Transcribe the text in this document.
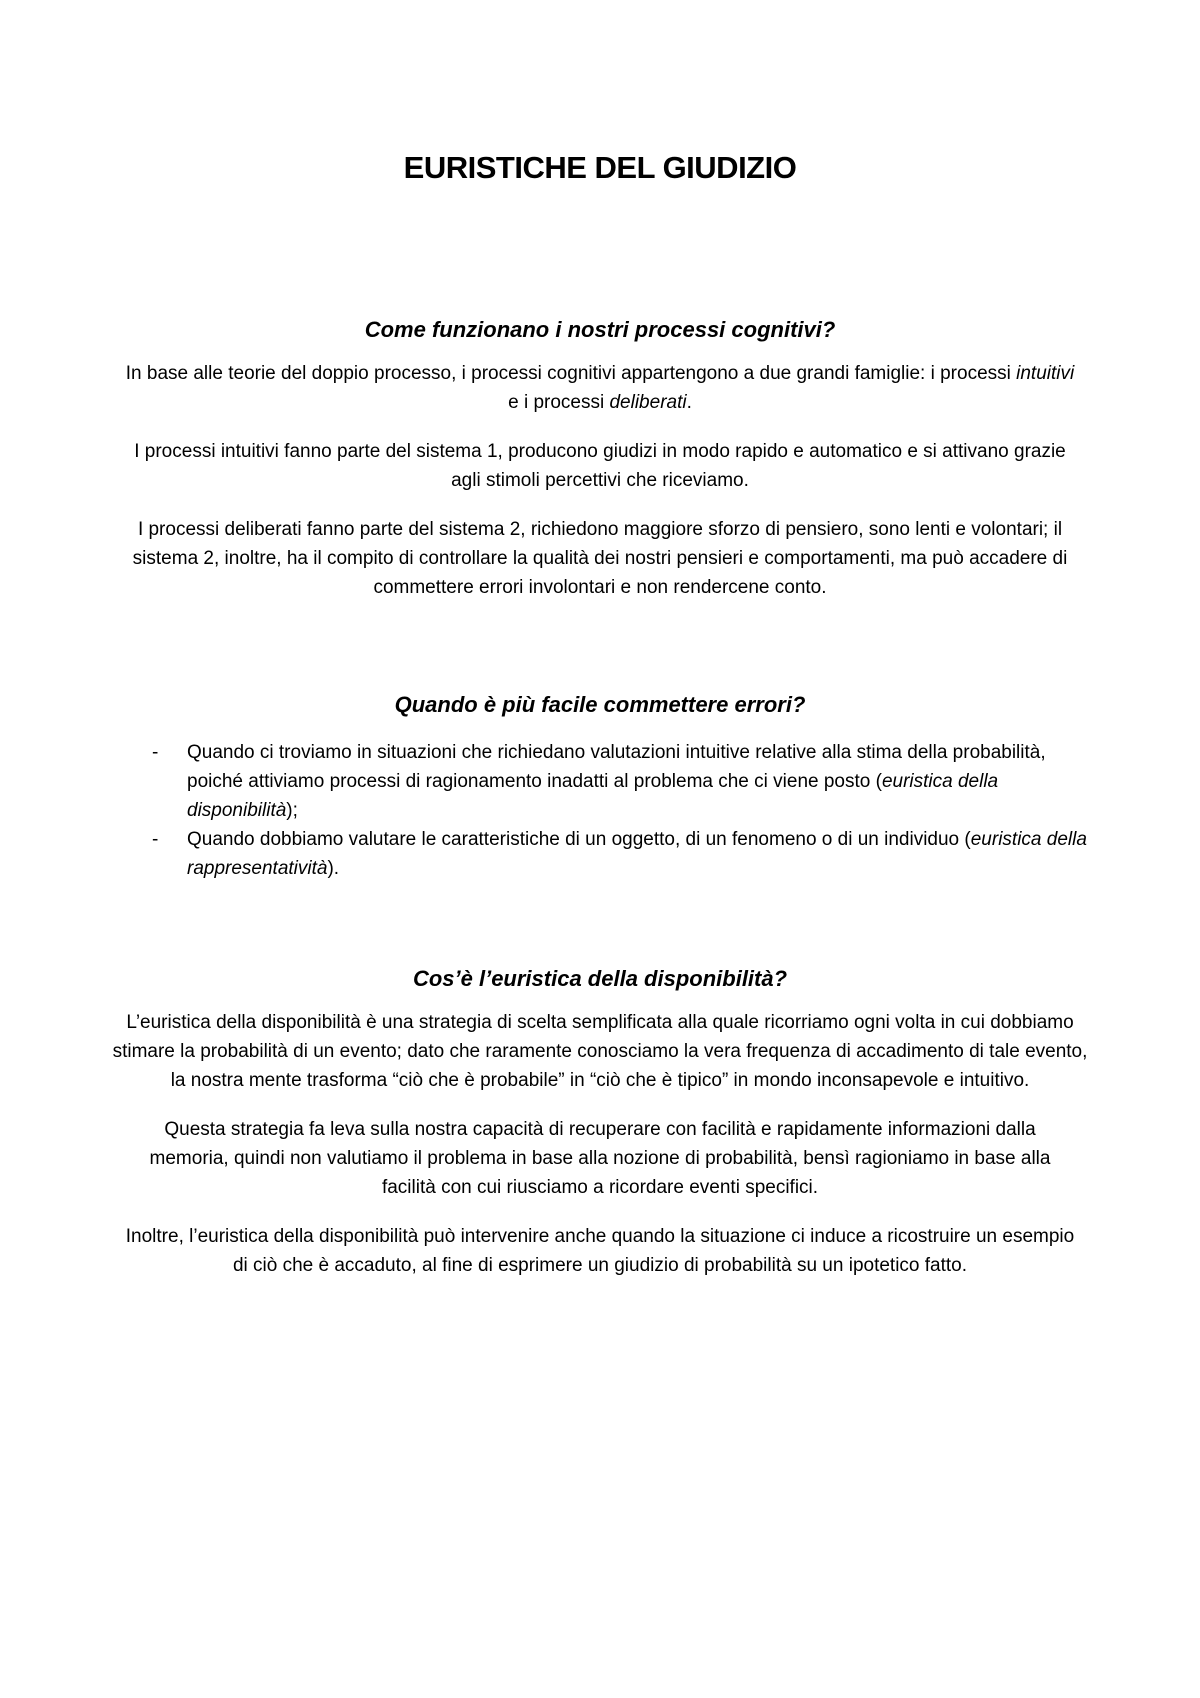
EURISTICHE DEL GIUDIZIO
Come funzionano i nostri processi cognitivi?

In base alle teorie del doppio processo, i processi cognitivi appartengono a due grandi famiglie: i processi intuitivi e i processi deliberati.

I processi intuitivi fanno parte del sistema 1, producono giudizi in modo rapido e automatico e si attivano grazie agli stimoli percettivi che riceviamo.

I processi deliberati fanno parte del sistema 2, richiedono maggiore sforzo di pensiero, sono lenti e volontari; il sistema 2, inoltre, ha il compito di controllare la qualità dei nostri pensieri e comportamenti, ma può accadere di commettere errori involontari e non rendercene conto.

Quando è più facile commettere errori?
- Quando ci troviamo in situazioni che richiedano valutazioni intuitive relative alla stima della probabilità, poiché attiviamo processi di ragionamento inadatti al problema che ci viene posto (euristica della disponibilità);
- Quando dobbiamo valutare le caratteristiche di un oggetto, di un fenomeno o di un individuo (euristica della rappresentatività).
Cos’è l’euristica della disponibilità?

L’euristica della disponibilità è una strategia di scelta semplificata alla quale ricorriamo ogni volta in cui dobbiamo stimare la probabilità di un evento; dato che raramente conosciamo la vera frequenza di accadimento di tale evento, la nostra mente trasforma “ciò che è probabile” in “ciò che è tipico” in mondo inconsapevole e intuitivo.

Questa strategia fa leva sulla nostra capacità di recuperare con facilità e rapidamente informazioni dalla memoria, quindi non valutiamo il problema in base alla nozione di probabilità, bensì ragioniamo in base alla facilità con cui riusciamo a ricordare eventi specifici.

Inoltre, l’euristica della disponibilità può intervenire anche quando la situazione ci induce a ricostruire un esempio di ciò che è accaduto, al fine di esprimere un giudizio di probabilità su un ipotetico fatto.
